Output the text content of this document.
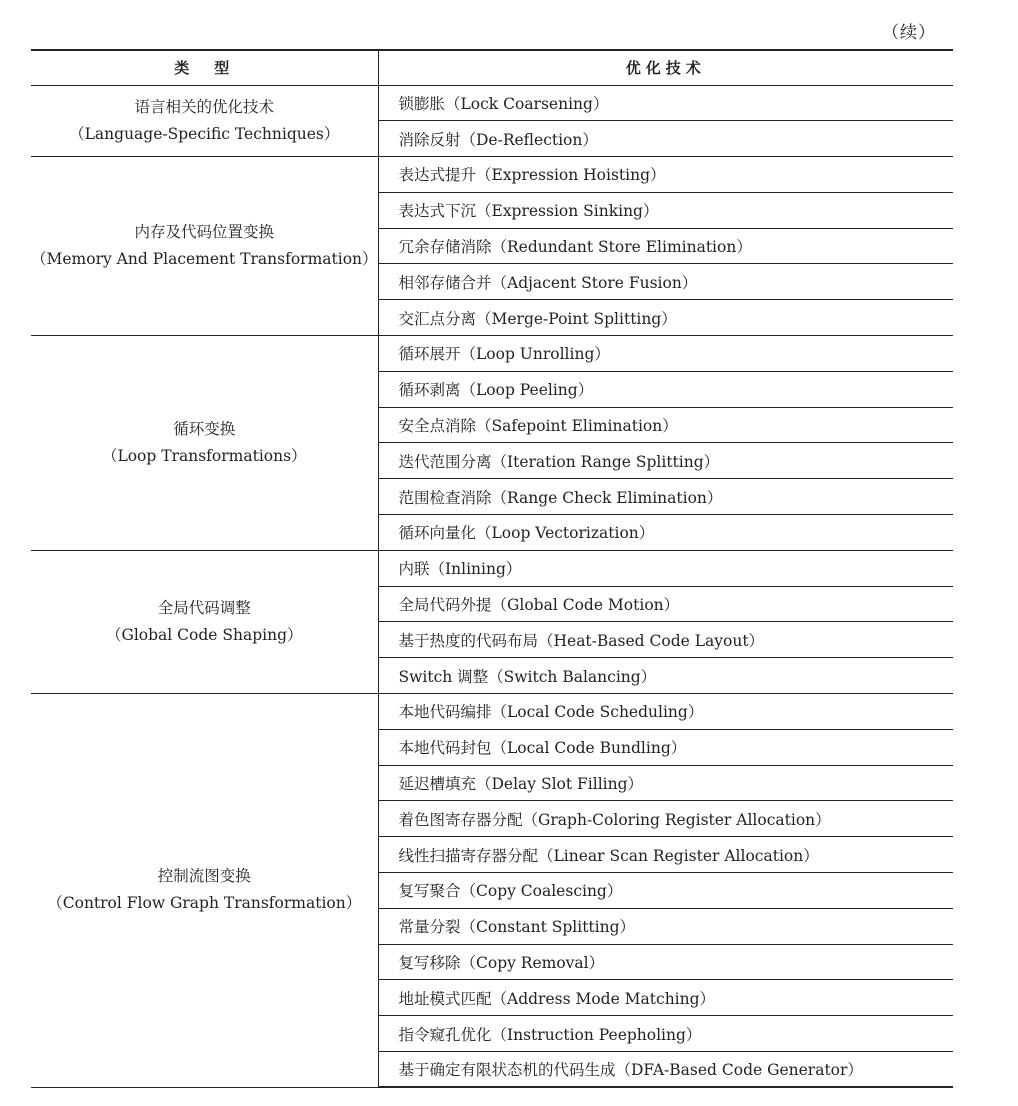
（续）
类　型	优化技术

语言相关的优化技术
（Language-Specific Techniques）	锁膨胀（Lock Coarsening）
	消除反射（De-Reflection）

内存及代码位置变换
（Memory And Placement Transformation）	表达式提升（Expression Hoisting）
	表达式下沉（Expression Sinking）
	冗余存储消除（Redundant Store Elimination）
	相邻存储合并（Adjacent Store Fusion）
	交汇点分离（Merge-Point Splitting）

循环变换
（Loop Transformations）	循环展开（Loop Unrolling）
	循环剥离（Loop Peeling）
	安全点消除（Safepoint Elimination）
	迭代范围分离（Iteration Range Splitting）
	范围检查消除（Range Check Elimination）
	循环向量化（Loop Vectorization）

全局代码调整
（Global Code Shaping）	内联（Inlining）
	全局代码外提（Global Code Motion）
	基于热度的代码布局（Heat-Based Code Layout）
	Switch 调整（Switch Balancing）

控制流图变换
（Control Flow Graph Transformation）	本地代码编排（Local Code Scheduling）
	本地代码封包（Local Code Bundling）
	延迟槽填充（Delay Slot Filling）
	着色图寄存器分配（Graph-Coloring Register Allocation）
	线性扫描寄存器分配（Linear Scan Register Allocation）
	复写聚合（Copy Coalescing）
	常量分裂（Constant Splitting）
	复写移除（Copy Removal）
	地址模式匹配（Address Mode Matching）
	指令窥孔优化（Instruction Peepholing）
	基于确定有限状态机的代码生成（DFA-Based Code Generator）
